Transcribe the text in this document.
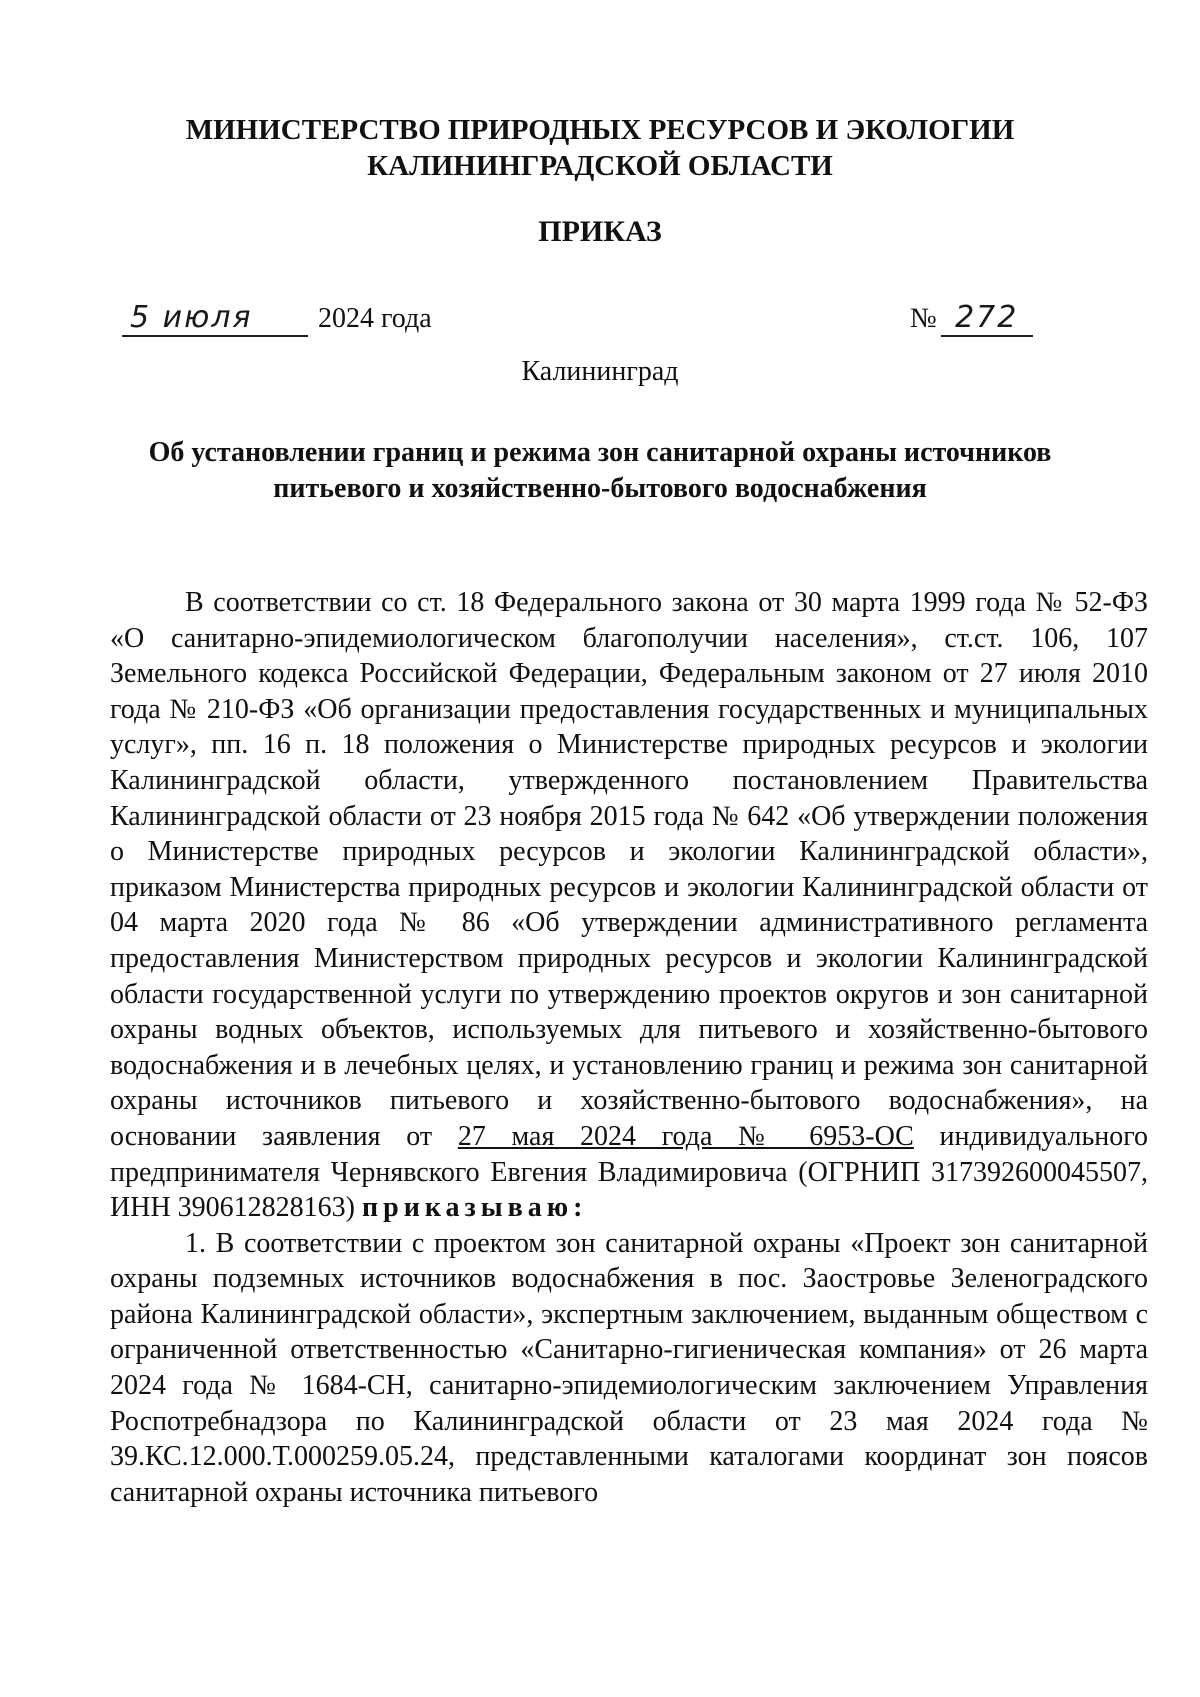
МИНИСТЕРСТВО ПРИРОДНЫХ РЕСУРСОВ И ЭКОЛОГИИ
КАЛИНИНГРАДСКОЙ ОБЛАСТИ
ПРИКАЗ
5 июля 2024 года	№ 272
Калининград
Об установлении границ и режима зон санитарной охраны источников
питьевого и хозяйственно-бытового водоснабжения

В соответствии со ст. 18 Федерального закона от 30 марта 1999 года № 52-ФЗ «О санитарно-эпидемиологическом благополучии населения», ст.ст. 106, 107 Земельного кодекса Российской Федерации, Федеральным законом от 27 июля 2010 года № 210-ФЗ «Об организации предоставления государственных и муниципальных услуг», пп. 16 п. 18 положения о Министерстве природных ресурсов и экологии Калининградской области, утвержденного постановлением Правительства Калининградской области от 23 ноября 2015 года № 642 «Об утверждении положения о Министерстве природных ресурсов и экологии Калининградской области», приказом Министерства природных ресурсов и экологии Калининградской области от 04 марта 2020 года № 86 «Об утверждении административного регламента предоставления Министерством природных ресурсов и экологии Калининградской области государственной услуги по утверждению проектов округов и зон санитарной охраны водных объектов, используемых для питьевого и хозяйственно-бытового водоснабжения и в лечебных целях, и установлению границ и режима зон санитарной охраны источников питьевого и хозяйственно-бытового водоснабжения», на основании заявления от 27 мая 2024 года № 6953-ОС индивидуального предпринимателя Чернявского Евгения Владимировича (ОГРНИП 317392600045507, ИНН 390612828163) приказываю:

1. В соответствии с проектом зон санитарной охраны «Проект зон санитарной охраны подземных источников водоснабжения в пос. Заостровье Зеленоградского района Калининградской области», экспертным заключением, выданным обществом с ограниченной ответственностью «Санитарно-гигиеническая компания» от 26 марта 2024 года № 1684-СН, санитарно-эпидемиологическим заключением Управления Роспотребнадзора по Калининградской области от 23 мая 2024 года № 39.КС.12.000.Т.000259.05.24, представленными каталогами координат зон поясов санитарной охраны источника питьевого
